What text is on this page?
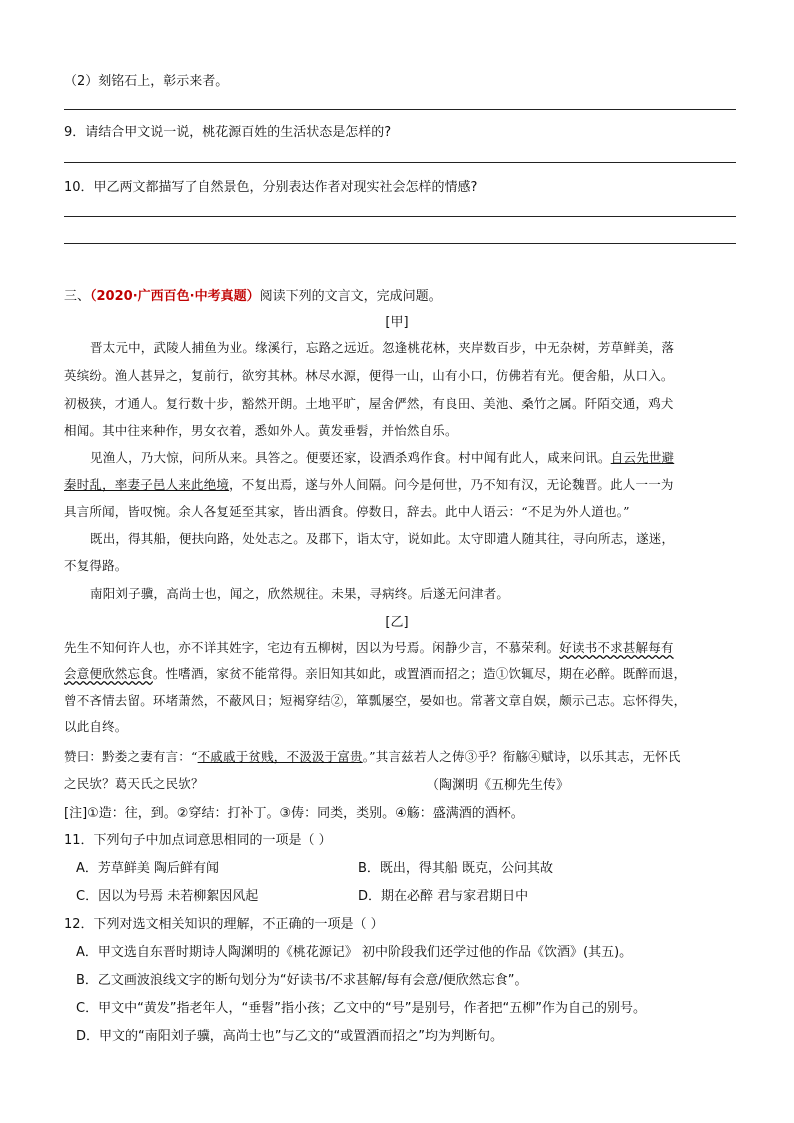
（2）刻铭石上，彰示来者。
9．请结合甲文说一说，桃花源百姓的生活状态是怎样的?
10．甲乙两文都描写了自然景色，分别表达作者对现实社会怎样的情感?
三、（2020·广西百色·中考真题）阅读下列的文言文，完成问题。
[甲]
晋太元中，武陵人捕鱼为业。缘溪行，忘路之远近。忽逢桃花林，夹岸数百步，中无杂树，芳草鲜美，落
英缤纷。渔人甚异之，复前行，欲穷其林。林尽水源，便得一山，山有小口，仿佛若有光。便舍船，从口入。
初极狭，才通人。复行数十步，豁然开朗。土地平旷，屋舍俨然，有良田、美池、桑竹之属。阡陌交通，鸡犬
相闻。其中往来种作，男女衣着，悉如外人。黄发垂髫，并怡然自乐。
见渔人，乃大惊，问所从来。具答之。便要还家，设酒杀鸡作食。村中闻有此人，咸来问讯。自云先世避
秦时乱，率妻子邑人来此绝境，不复出焉，遂与外人间隔。问今是何世，乃不知有汉，无论魏晋。此人一一为
具言所闻，皆叹惋。余人各复延至其家，皆出酒食。停数日，辞去。此中人语云：“不足为外人道也。”
既出，得其船，便扶向路，处处志之。及郡下，诣太守，说如此。太守即遣人随其往，寻向所志，遂迷，
不复得路。
南阳刘子骥，高尚士也，闻之，欣然规往。未果，寻病终。后遂无问津者。
[乙]
先生不知何许人也，亦不详其姓字，宅边有五柳树，因以为号焉。闲静少言，不慕荣利。好读书不求甚解每有
会意便欣然忘食。性嗜酒，家贫不能常得。亲旧知其如此，或置酒而招之；造①饮辄尽，期在必醉。既醉而退，
曾不吝情去留。环堵萧然，不蔽风日；短褐穿结②，箪瓢屡空，晏如也。常著文章自娱，颇示己志。忘怀得失，
以此自终。
赞曰：黔娄之妻有言：“不戚戚于贫贱，不汲汲于富贵。”其言兹若人之俦③乎？衔觞④赋诗，以乐其志，无怀氏
之民欤？葛天氏之民欤？	（陶渊明《五柳先生传》
[注]①造：往，到。②穿结：打补丁。③俦：同类，类别。④觞：盛满酒的酒杯。
11．下列句子中加点词意思相同的一项是（ ）
A．芳草鲜美 陶后鲜有闻	B．既出，得其船 既克，公问其故
C．因以为号焉 未若柳絮因风起	D．期在必醉 君与家君期日中
12．下列对选文相关知识的理解，不正确的一项是（ ）
A．甲文选自东晋时期诗人陶渊明的《桃花源记》 初中阶段我们还学过他的作品《饮酒》(其五)。
B．乙文画波浪线文字的断句划分为“好读书/不求甚解/每有会意/便欣然忘食”。
C．甲文中“黄发”指老年人，“垂髫”指小孩；乙文中的“号”是别号，作者把“五柳”作为自己的别号。
D．甲文的“南阳刘子骥，高尚士也”与乙文的“或置酒而招之”均为判断句。
